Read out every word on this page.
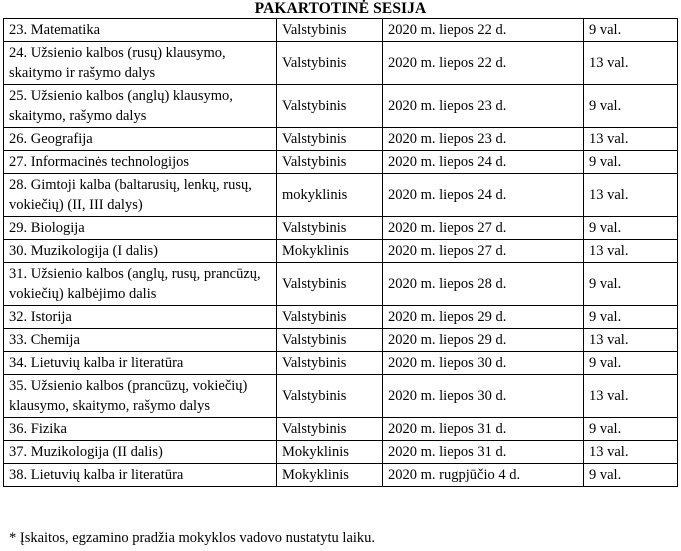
PAKARTOTINĖ SESIJA
23. Matematika	Valstybinis	2020 m. liepos 22 d.	9 val.
24. Užsienio kalbos (rusų) klausymo, skaitymo ir rašymo dalys	Valstybinis	2020 m. liepos 22 d.	13 val.
25. Užsienio kalbos (anglų) klausymo, skaitymo, rašymo dalys	Valstybinis	2020 m. liepos 23 d.	9 val.
26. Geografija	Valstybinis	2020 m. liepos 23 d.	13 val.
27. Informacinės technologijos	Valstybinis	2020 m. liepos 24 d.	9 val.
28. Gimtoji kalba (baltarusių, lenkų, rusų, vokiečių) (II, III dalys)	mokyklinis	2020 m. liepos 24 d.	13 val.
29. Biologija	Valstybinis	2020 m. liepos 27 d.	9 val.
30. Muzikologija (I dalis)	Mokyklinis	2020 m. liepos 27 d.	13 val.
31. Užsienio kalbos (anglų, rusų, prancūzų, vokiečių) kalbėjimo dalis	Valstybinis	2020 m. liepos 28 d.	9 val.
32. Istorija	Valstybinis	2020 m. liepos 29 d.	9 val.
33. Chemija	Valstybinis	2020 m. liepos 29 d.	13 val.
34. Lietuvių kalba ir literatūra	Valstybinis	2020 m. liepos 30 d.	9 val.
35. Užsienio kalbos (prancūzų, vokiečių) klausymo, skaitymo, rašymo dalys	Valstybinis	2020 m. liepos 30 d.	13 val.
36. Fizika	Valstybinis	2020 m. liepos 31 d.	9 val.
37. Muzikologija (II dalis)	Mokyklinis	2020 m. liepos 31 d.	13 val.
38. Lietuvių kalba ir literatūra	Mokyklinis	2020 m. rugpjūčio 4 d.	9 val.

* Įskaitos, egzamino pradžia mokyklos vadovo nustatytu laiku.
